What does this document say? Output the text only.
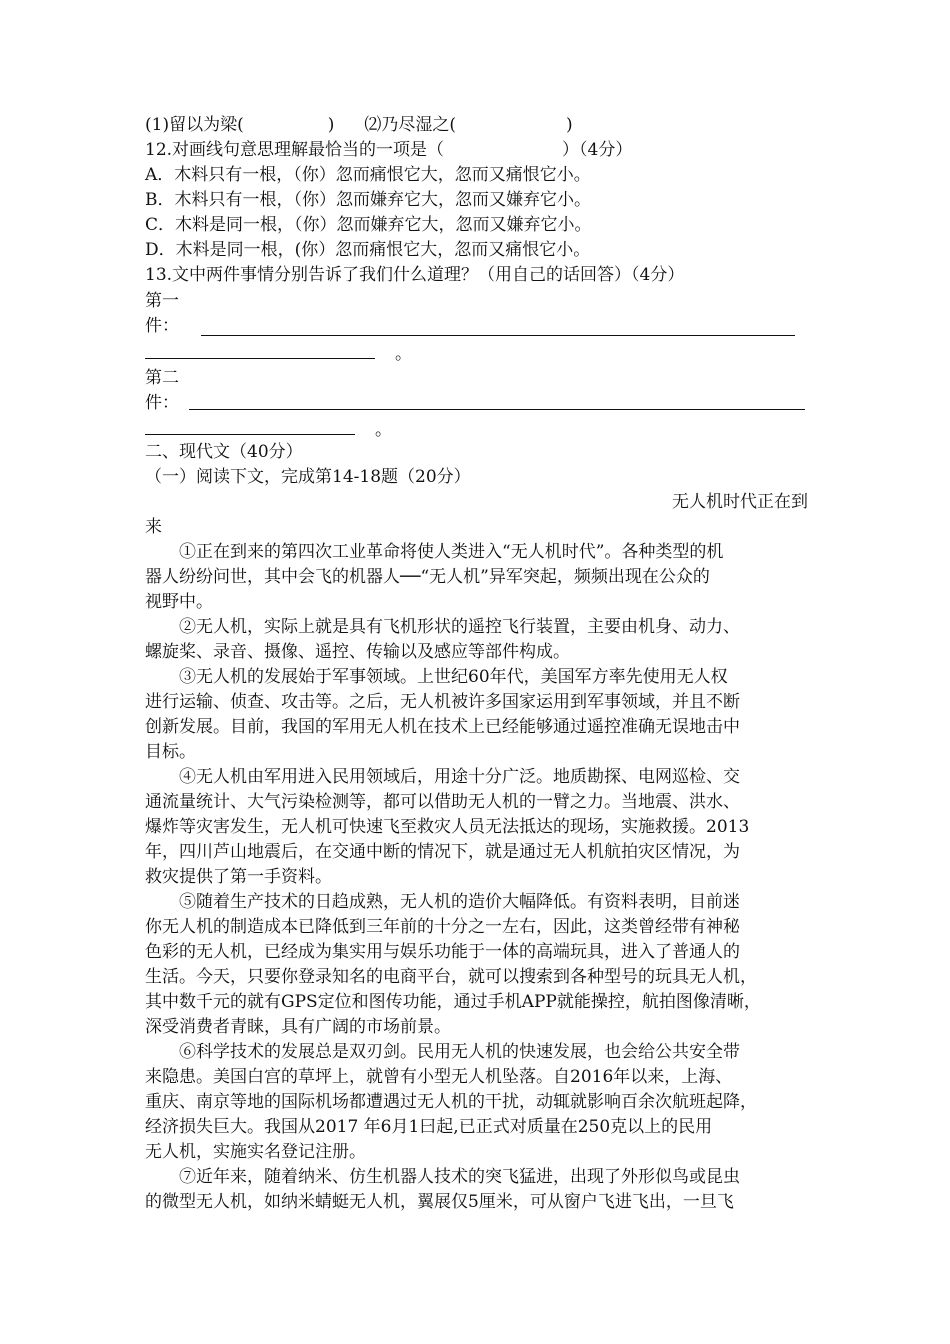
(1)留以为梁(	) ⑵乃尽湿之(	)
12.对画线句意思理解最恰当的一项是（	）（4分）
A．木料只有一根，（你）忽而痛恨它大，忽而又痛恨它小。
B．木料只有一根，（你）忽而嫌弃它大，忽而又嫌弃它小。
C．木料是同一根，（你）忽而嫌弃它大，忽而又嫌弃它小。
D．木料是同一根，(你）忽而痛恨它大，忽而又痛恨它小。
13.文中两件事情分别告诉了我们什么道理？（用自己的话回答）（4分）
第一
件：
。
第二
件：
。
二、现代文（40分）
（一）阅读下文，完成第14-18题（20分）
无人机时代正在到
来
①正在到来的第四次工业革命将使人类进入“无人机时代”。各种类型的机
器人纷纷问世，其中会飞的机器人──“无人机”异军突起，频频出现在公众的
视野中。
②无人机，实际上就是具有飞机形状的遥控飞行装置，主要由机身、动力、
螺旋桨、录音、摄像、遥控、传输以及感应等部件构成。
③无人机的发展始于军事领域。上世纪60年代，美国军方率先使用无人权
进行运输、侦查、攻击等。之后，无人机被许多国家运用到军事领域，并且不断
创新发展。目前，我国的军用无人机在技术上已经能够通过遥控准确无误地击中
目标。
④无人机由军用进入民用领域后，用途十分广泛。地质勘探、电网巡检、交
通流量统计、大气污染检测等，都可以借助无人机的一臂之力。当地震、洪水、
爆炸等灾害发生，无人机可快速飞至救灾人员无法抵达的现场，实施救援。2013
年，四川芦山地震后，在交通中断的情况下，就是通过无人机航拍灾区情况，为
救灾提供了第一手资料。
⑤随着生产技术的日趋成熟，无人机的造价大幅降低。有资料表明，目前迷
你无人机的制造成本已降低到三年前的十分之一左右，因此，这类曾经带有神秘
色彩的无人机，已经成为集实用与娱乐功能于一体的高端玩具，进入了普通人的
生活。今天，只要你登录知名的电商平台，就可以搜索到各种型号的玩具无人机，
其中数千元的就有GPS定位和图传功能，通过手机APP就能操控，航拍图像清晰，
深受消费者青睐，具有广阔的市场前景。
⑥科学技术的发展总是双刃剑。民用无人机的快速发展，也会给公共安全带
来隐患。美国白宫的草坪上，就曾有小型无人机坠落。自2016年以来，上海、
重庆、南京等地的国际机场都遭遇过无人机的干扰，动辄就影响百余次航班起降，
经济损失巨大。我国从2017 年6月1曰起,已正式对质量在250克以上的民用
无人机，实施实名登记注册。
⑦近年来，随着纳米、仿生机器人技术的突飞猛进，出现了外形似鸟或昆虫
的微型无人机，如纳米蜻蜓无人机，翼展仅5厘米，可从窗户飞进飞出，一旦飞
